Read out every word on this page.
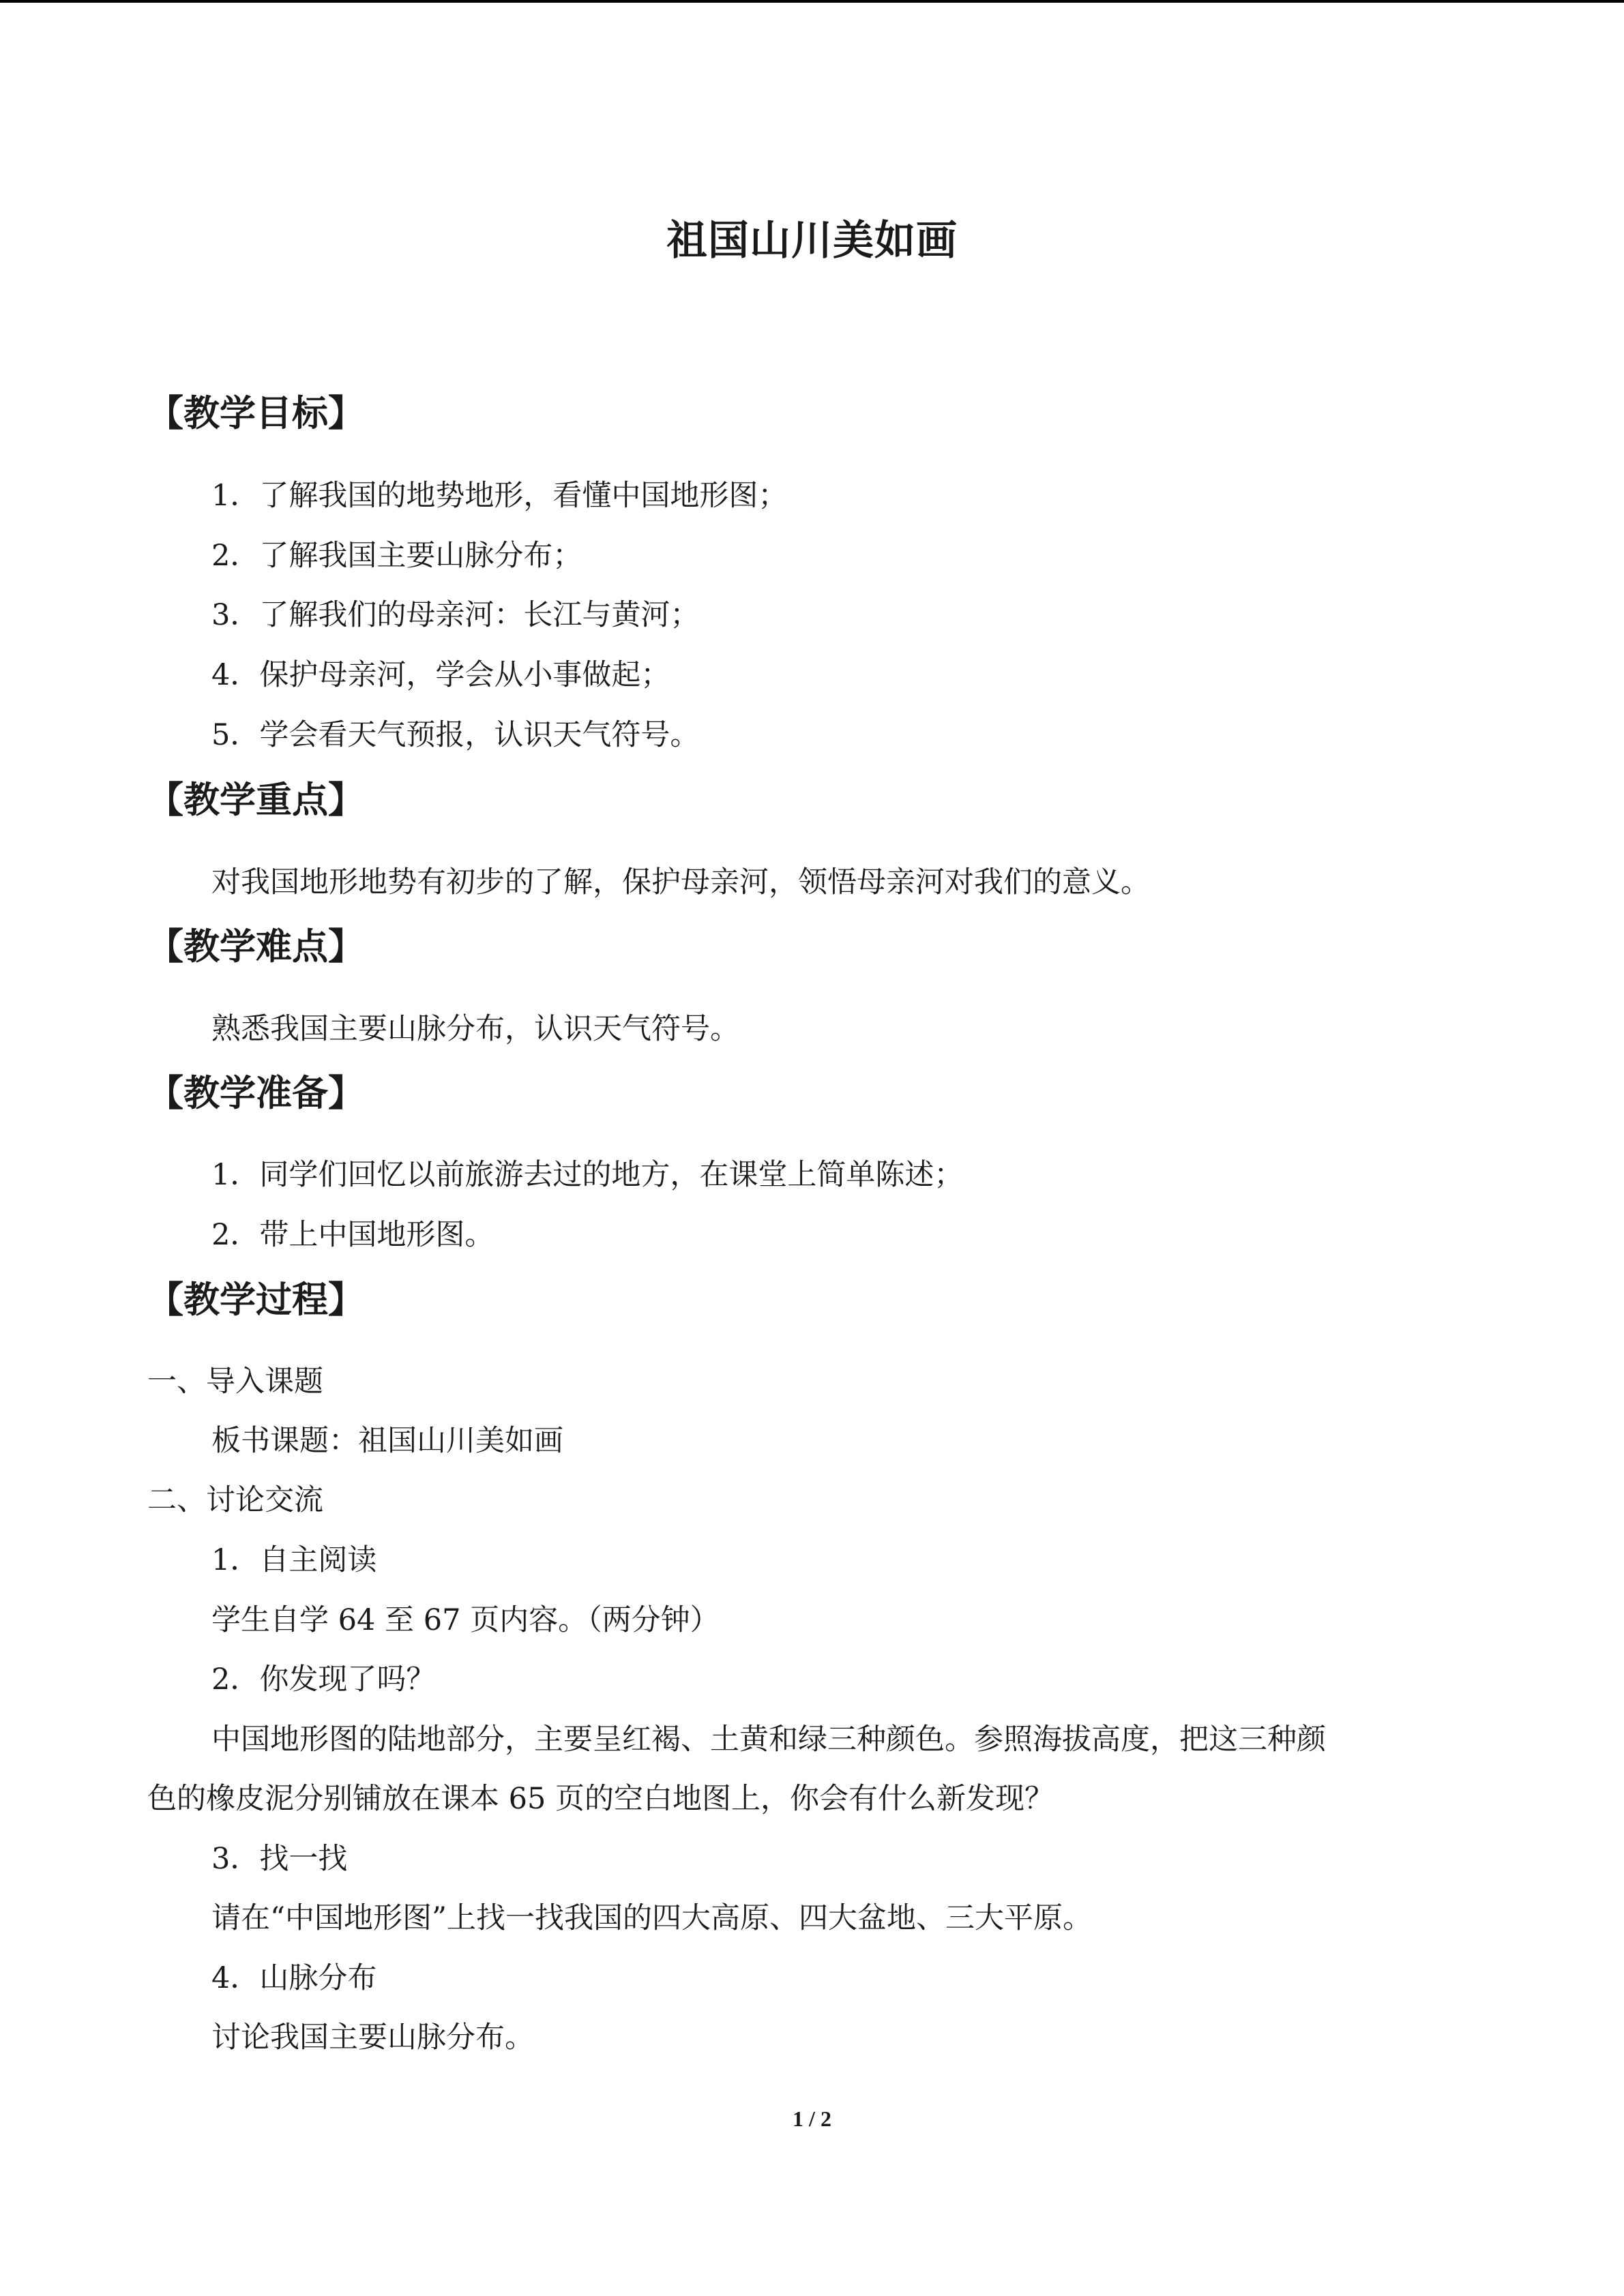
祖国山川美如画
【教学目标】
1．了解我国的地势地形，看懂中国地形图；
2．了解我国主要山脉分布；
3．了解我们的母亲河：长江与黄河；
4．保护母亲河，学会从小事做起；
5．学会看天气预报，认识天气符号。
【教学重点】
对我国地形地势有初步的了解，保护母亲河，领悟母亲河对我们的意义。
【教学难点】
熟悉我国主要山脉分布，认识天气符号。
【教学准备】
1．同学们回忆以前旅游去过的地方，在课堂上简单陈述；
2．带上中国地形图。
【教学过程】
一、导入课题
板书课题：祖国山川美如画
二、讨论交流
1．自主阅读
学生自学 64 至 67 页内容。（两分钟）
2．你发现了吗？
中国地形图的陆地部分，主要呈红褐、土黄和绿三种颜色。参照海拔高度，把这三种颜
色的橡皮泥分别铺放在课本 65 页的空白地图上，你会有什么新发现？
3．找一找
请在“中国地形图”上找一找我国的四大高原、四大盆地、三大平原。
4．山脉分布
讨论我国主要山脉分布。
1 / 2
